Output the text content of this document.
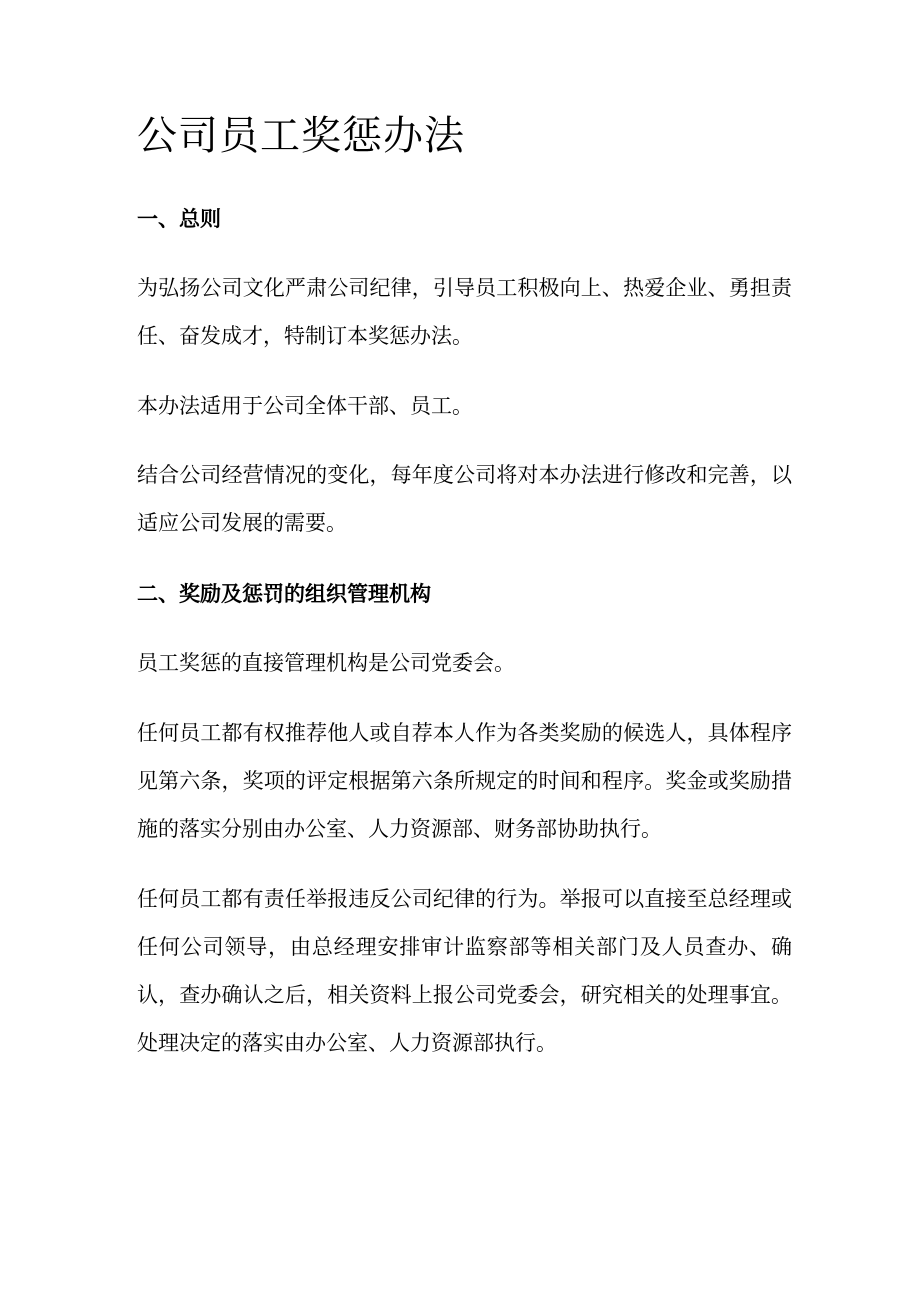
公司员工奖惩办法
一、总则

为弘扬公司文化严肃公司纪律，引导员工积极向上、热爱企业、勇担责任、奋发成才，特制订本奖惩办法。

本办法适用于公司全体干部、员工。

结合公司经营情况的变化，每年度公司将对本办法进行修改和完善，以适应公司发展的需要。

二、奖励及惩罚的组织管理机构

员工奖惩的直接管理机构是公司党委会。

任何员工都有权推荐他人或自荐本人作为各类奖励的候选人，具体程序见第六条，奖项的评定根据第六条所规定的时间和程序。奖金或奖励措施的落实分别由办公室、人力资源部、财务部协助执行。

任何员工都有责任举报违反公司纪律的行为。举报可以直接至总经理或任何公司领导，由总经理安排审计监察部等相关部门及人员查办、确认，查办确认之后，相关资料上报公司党委会，研究相关的处理事宜。处理决定的落实由办公室、人力资源部执行。
